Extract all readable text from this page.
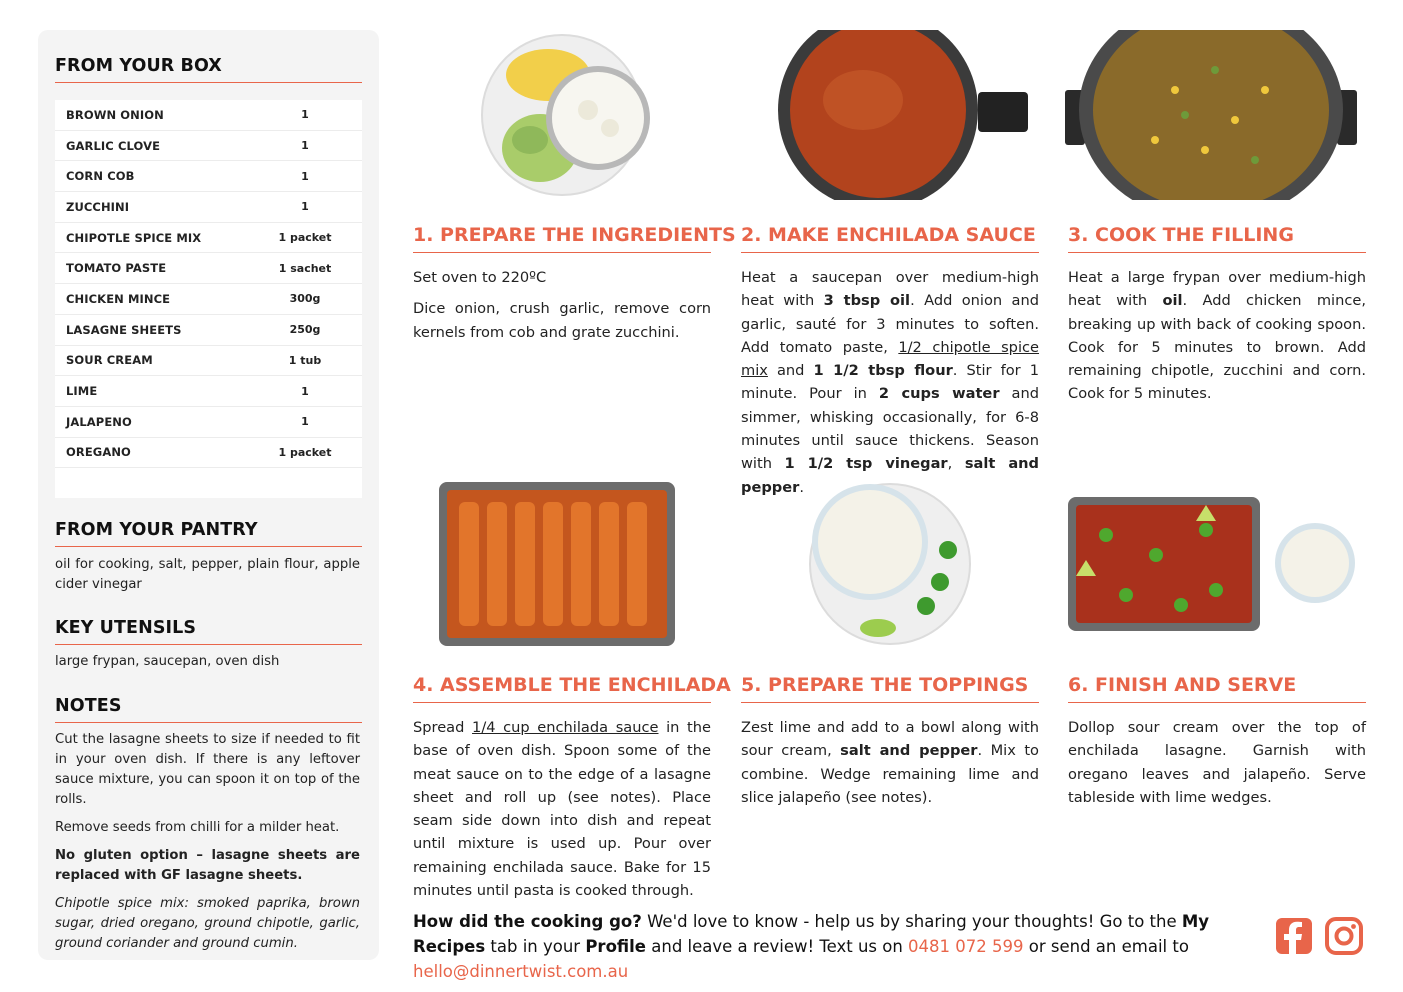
FROM YOUR BOX
BROWN ONION	1
GARLIC CLOVE	1
CORN COB	1
ZUCCHINI	1
CHIPOTLE SPICE MIX	1 packet
TOMATO PASTE	1 sachet
CHICKEN MINCE	300g
LASAGNE SHEETS	250g
SOUR CREAM	1 tub
LIME	1
JALAPENO	1
OREGANO	1 packet
FROM YOUR PANTRY
oil for cooking, salt, pepper, plain flour, apple cider vinegar
KEY UTENSILS
large frypan, saucepan, oven dish
NOTES

Cut the lasagne sheets to size if needed to fit in your oven dish. If there is any leftover sauce mixture, you can spoon it on top of the rolls.

Remove seeds from chilli for a milder heat.

No gluten option – lasagne sheets are replaced with GF lasagne sheets.

Chipotle spice mix: smoked paprika, brown sugar, dried oregano, ground chipotle, garlic, ground coriander and ground cumin.

1. PREPARE THE INGREDIENTS

Set oven to 220ºC

Dice onion, crush garlic, remove corn kernels from cob and grate zucchini.

2. MAKE ENCHILADA SAUCE

Heat a saucepan over medium-high heat with 3 tbsp oil. Add onion and garlic, sauté for 3 minutes to soften. Add tomato paste, 1/2 chipotle spice mix and 1 1/2 tbsp flour. Stir for 1 minute. Pour in 2 cups water and simmer, whisking occasionally, for 6-8 minutes until sauce thickens. Season with 1 1/2 tsp vinegar, salt and pepper.

3. COOK THE FILLING

Heat a large frypan over medium-high heat with oil. Add chicken mince, breaking up with back of cooking spoon. Cook for 5 minutes to brown. Add remaining chipotle, zucchini and corn. Cook for 5 minutes.

4. ASSEMBLE THE ENCHILADA

Spread 1/4 cup enchilada sauce in the base of oven dish. Spoon some of the meat sauce on to the edge of a lasagne sheet and roll up (see notes). Place seam side down into dish and repeat until mixture is used up. Pour over remaining enchilada sauce. Bake for 15 minutes until pasta is cooked through.

5. PREPARE THE TOPPINGS

Zest lime and add to a bowl along with sour cream, salt and pepper. Mix to combine. Wedge remaining lime and slice jalapeño (see notes).

6. FINISH AND SERVE

Dollop sour cream over the top of enchilada lasagne. Garnish with oregano leaves and jalapeño. Serve tableside with lime wedges.

How did the cooking go? We'd love to know - help us by sharing your thoughts! Go to the My Recipes tab in your Profile and leave a review! Text us on 0481 072 599 or send an email to hello@dinnertwist.com.au
